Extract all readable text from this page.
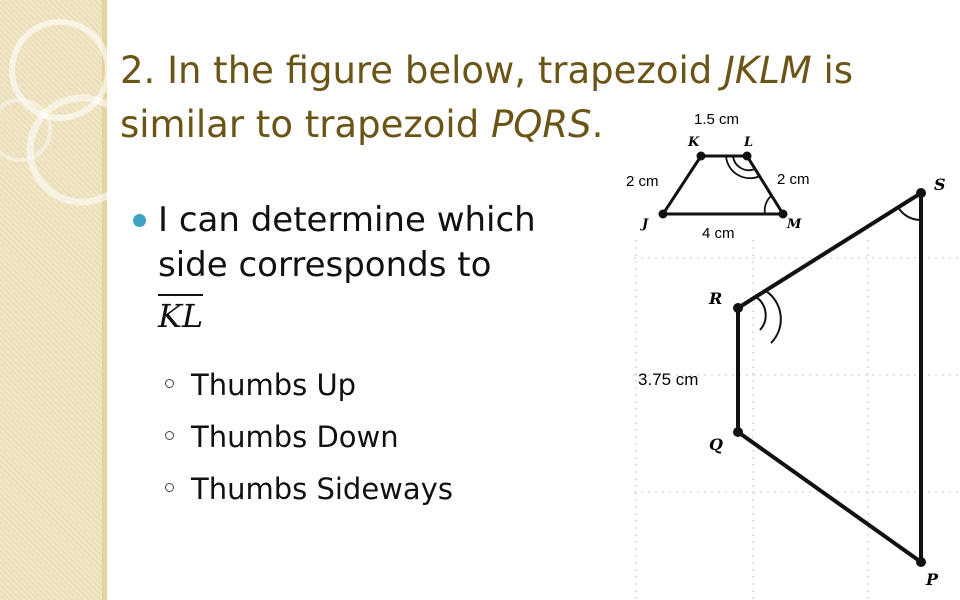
2. In the figure below, trapezoid JKLM is
similar to trapezoid PQRS.
I can determine which
side corresponds to
KL
Thumbs Up
Thumbs Down
Thumbs Sideways
1.5 cm
2 cm	2 cm
4 cm
K	L
M
J
S
R
Q
P
3.75 cm
